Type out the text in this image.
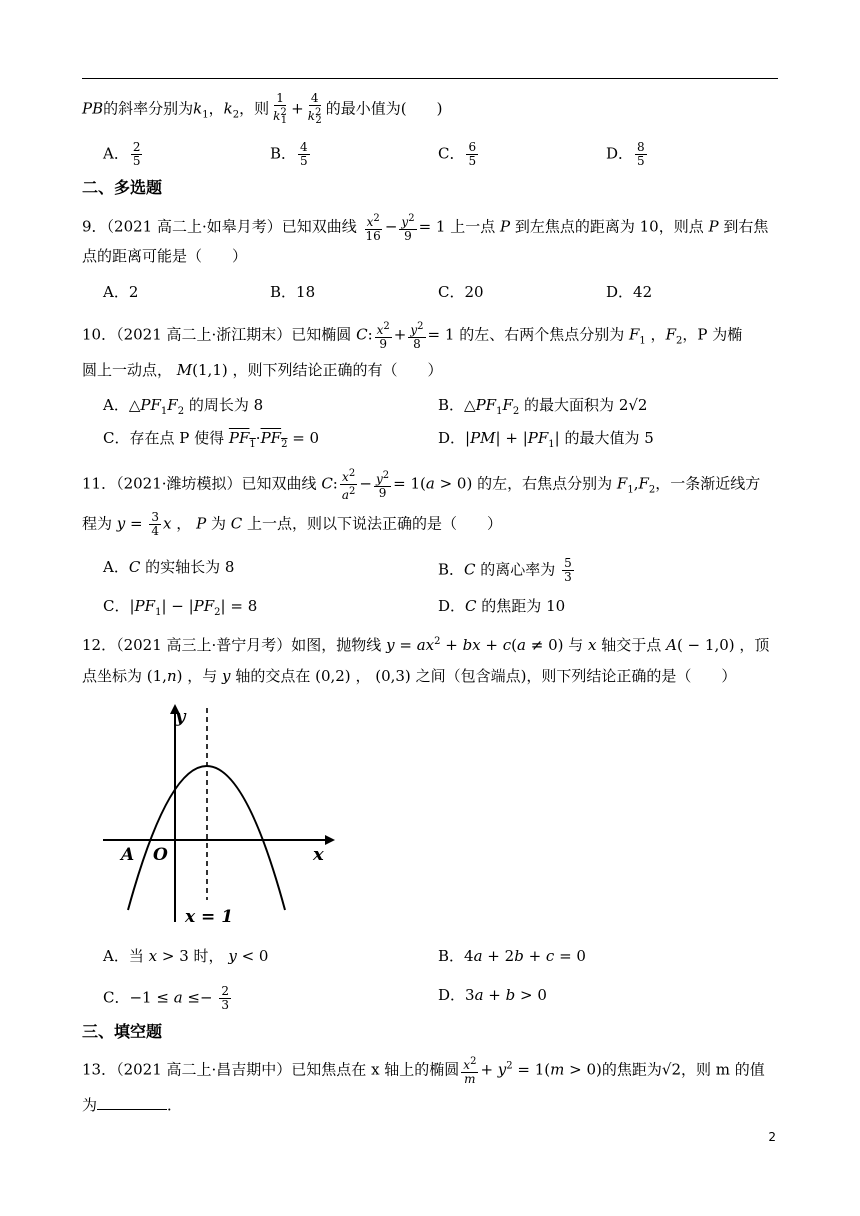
PB的斜率分别为$k_1$，$k_2$，则 $\frac{1}{k^2_1} + \frac{4}{k^2_2}$ 的最小值为(　　)
A． $\frac{2}{5}$	B． $\frac{4}{5}$	C． $\frac{6}{5}$	D． $\frac{8}{5}$
二、多选题
9．（2021 高二上·如皋月考）已知双曲线 $\frac{x^2}{16} - \frac{y^2}{9} = 1$ 上一点 P 到左焦点的距离为 10，则点 P 到右焦
点的距离可能是（　　）
A．2	B．18	C．20	D．42
10．（2021 高二上·浙江期末）已知椭圆 C: $\frac{x^2}{9} + \frac{y^2}{8} = 1$ 的左、右两个焦点分别为 $F_1$ ，$F_2$，P 为椭
圆上一动点， M(1,1) ，则下列结论正确的有（　　）
A．$\triangle PF_1F_2$ 的周长为 8	B．$\triangle PF_1F_2$ 的最大面积为 2√2
C．存在点 P 使得 $PF_1\cdot PF_2 = 0$	D．$|PM| + |PF_1|$ 的最大值为 5
11．（2021·潍坊模拟）已知双曲线 C: $\frac{x^2}{a^2} - \frac{y^2}{9} = 1(a > 0)$ 的左，右焦点分别为 $F_1,F_2$，一条渐近线方
程为 $y = \frac{3}{4}$ x ， P 为 C 上一点，则以下说法正确的是（　　）
A．C 的实轴长为 8	B．C 的离心率为 $\frac{5}{3}$
C．$|PF_1| - |PF_2| = 8$	D．C 的焦距为 10
12．（2021 高三上·普宁月考）如图，抛物线 $y = ax^2$ + bx + c(a ≠ 0) 与 x 轴交于点 A( − 1,0) ，顶
点坐标为 (1,n) ，与 y 轴的交点在 (0,2) ， (0,3) 之间（包含端点)，则下列结论正确的是（　　）
y
x
A O
x = 1
A．当 x > 3 时， y < 0	B．4a + 2b + c = 0
C．$-1 \le a \le- \frac{2}{3}$	D．3a + b > 0
三、填空题
13．（2021 高二上·昌吉期中）已知焦点在 x 轴上的椭圆 $\frac{x^2}{m} + y^2 = 1(m > 0)$的焦距为√2，则 m 的值
为	．
2
